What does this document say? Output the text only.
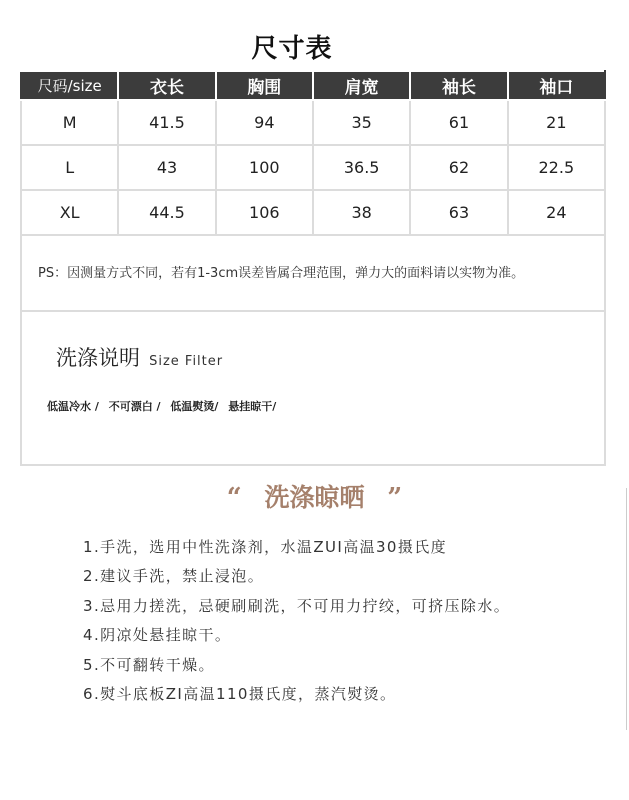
尺寸表
尺码/size	衣长	胸围	肩宽	袖长	袖口
M	41.5	94	35	61	21
L	43	100	36.5	62	22.5
XL	44.5	106	38	63	24
PS：因测量方式不同，若有1-3cm误差皆属合理范围，弹力大的面料请以实物为准。
洗涤说明 Size Filter
低温冷水 / 不可漂白 / 低温熨烫/ 悬挂晾干/
“ 洗涤晾晒 ”
1.手洗，选用中性洗涤剂，水温ZUI高温30摄氏度
2.建议手洗，禁止浸泡。
3.忌用力搓洗，忌硬刷刷洗，不可用力拧绞，可挤压除水。
4.阴凉处悬挂晾干。
5.不可翻转干燥。
6.熨斗底板ZI高温110摄氏度，蒸汽熨烫。
